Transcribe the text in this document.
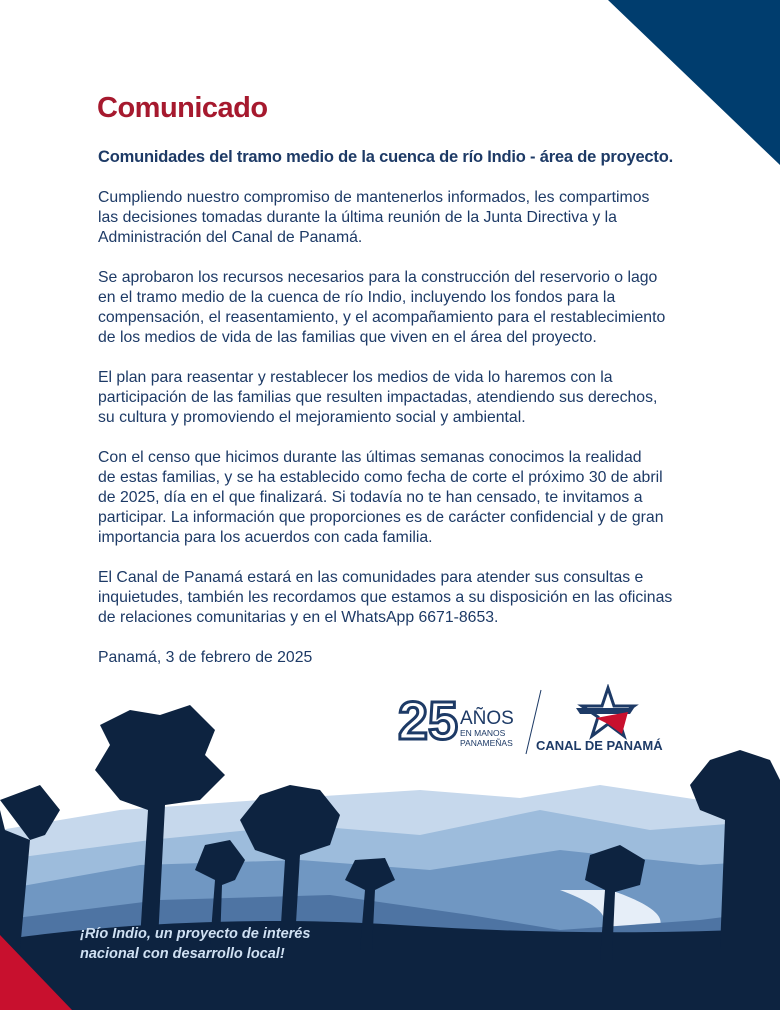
Comunicado
Comunidades del tramo medio de la cuenca de río Indio - área de proyecto.

Cumpliendo nuestro compromiso de mantenerlos informados, les compartimos
las decisiones tomadas durante la última reunión de la Junta Directiva y la
Administración del Canal de Panamá.

Se aprobaron los recursos necesarios para la construcción del reservorio o lago
en el tramo medio de la cuenca de río Indio, incluyendo los fondos para la
compensación, el reasentamiento, y el acompañamiento para el restablecimiento
de los medios de vida de las familias que viven en el área del proyecto.

El plan para reasentar y restablecer los medios de vida lo haremos con la
participación de las familias que resulten impactadas, atendiendo sus derechos,
su cultura y promoviendo el mejoramiento social y ambiental.

Con el censo que hicimos durante las últimas semanas conocimos la realidad
de estas familias, y se ha establecido como fecha de corte el próximo 30 de abril
de 2025, día en el que finalizará. Si todavía no te han censado, te invitamos a
participar. La información que proporciones es de carácter confidencial y de gran
importancia para los acuerdos con cada familia.

El Canal de Panamá estará en las comunidades para atender sus consultas e
inquietudes, también les recordamos que estamos a su disposición en las oficinas
de relaciones comunitarias y en el WhatsApp 6671-8653.

Panamá, 3 de febrero de 2025
25 AÑOS
EN MANOS
PANAMEÑAS CANAL DE PANAMÁ
¡Río Indio, un proyecto de interés
nacional con desarrollo local!
